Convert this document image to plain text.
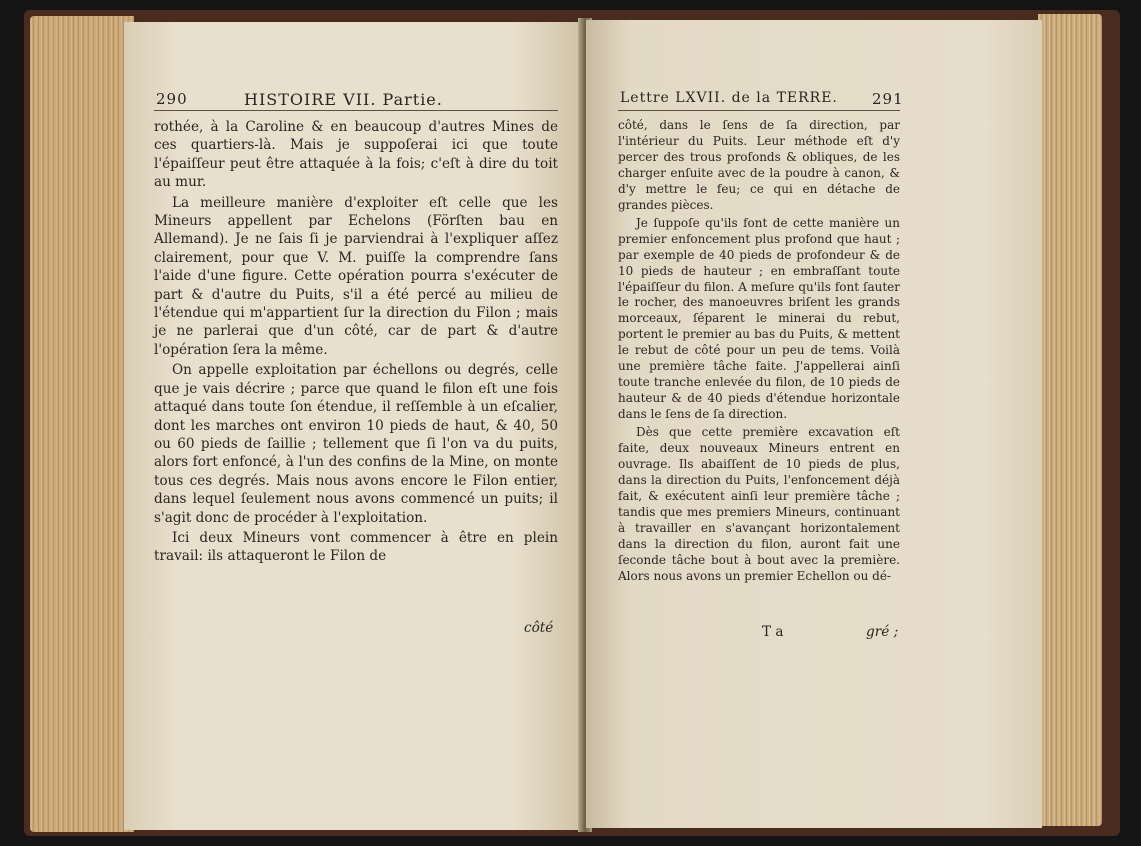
290	HISTOIRE VII. Partie.

rothée, à la Caroline & en beaucoup d'autres Mines de ces quartiers-là. Mais je suppoſerai ici que toute l'épaiſſeur peut être attaquée à la fois; c'eſt à dire du toit au mur.

La meilleure manière d'exploiter eſt celle que les Mineurs appellent par Echelons (Förſten bau en Allemand). Je ne ſais ſi je parviendrai à l'expliquer aſſez clairement, pour que V. M. puiſſe la comprendre ſans l'aide d'une figure. Cette opération pourra s'exécuter de part & d'autre du Puits, s'il a été percé au milieu de l'étendue qui m'appartient ſur la direction du Filon ; mais je ne parlerai que d'un côté, car de part & d'autre l'opération ſera la même.

On appelle exploitation par échellons ou degrés, celle que je vais décrire ; parce que quand le filon eſt une fois attaqué dans toute ſon étendue, il reſſemble à un eſcalier, dont les marches ont environ 10 pieds de haut, & 40, 50 ou 60 pieds de ſaillie ; tellement que ſi l'on va du puits, alors fort enfoncé, à l'un des confins de la Mine, on monte tous ces degrés. Mais nous avons encore le Filon entier, dans lequel ſeulement nous avons commencé un puits; il s'agit donc de procéder à l'exploitation.

Ici deux Mineurs vont commencer à être en plein travail: ils attaqueront le Filon de

côté
Lettre LXVII. de la TERRE. 291

côté, dans le ſens de ſa direction, par l'intérieur du Puits. Leur méthode eſt d'y percer des trous profonds & obliques, de les charger enſuite avec de la poudre à canon, & d'y mettre le feu; ce qui en détache de grandes pièces.

Je ſuppoſe qu'ils font de cette manière un premier enfoncement plus profond que haut ; par exemple de 40 pieds de profondeur & de 10 pieds de hauteur ; en embraſſant toute l'épaiſſeur du filon. A meſure qu'ils font ſauter le rocher, des manoeuvres briſent les grands morceaux, ſéparent le minerai du rebut, portent le premier au bas du Puits, & mettent le rebut de côté pour un peu de tems. Voilà une première tâche faite. J'appellerai ainſi toute tranche enlevée du filon, de 10 pieds de hauteur & de 40 pieds d'étendue horizontale dans le ſens de ſa direction.

Dès que cette première excavation eſt faite, deux nouveaux Mineurs entrent en ouvrage. Ils abaiſſent de 10 pieds de plus, dans la direction du Puits, l'enfoncement déjà fait, & exécutent ainſi leur première tâche ; tandis que mes premiers Mineurs, continuant à travailler en s'avançant horizontalement dans la direction du filon, auront fait une ſeconde tâche bout à bout avec la première. Alors nous avons un premier Echellon ou dé-

T a	gré ;
